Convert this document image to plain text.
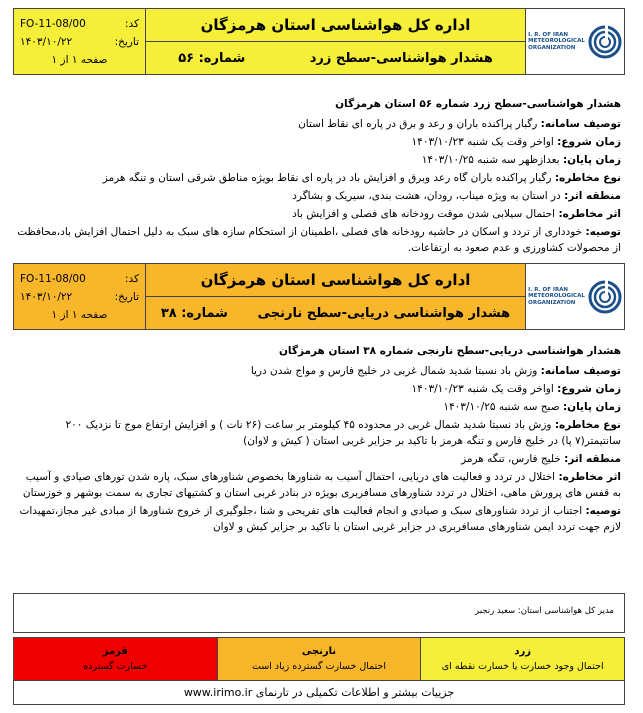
کد:
FO-11-08/00
تاریخ:
۱۴۰۳/۱۰/۲۲
صفحه ۱ از ۱
اداره کل هواشناسی استان هرمزگان
هشدار هواشناسی-سطح زرد
شماره: ۵۶
I. R. OF IRAN
METEOROLOGICAL
ORGANIZATION
هشدار هواشناسی-سطح زرد شماره ۵۶ استان هرمزگان

توصیف سامانه: رگبار پراکنده باران و رعد و برق در پاره ای نقاط استان

زمان شروع: اواخر وقت یک شنبه ۱۴۰۳/۱۰/۲۳

زمان پایان: بعدازظهر سه شنبه ۱۴۰۳/۱۰/۲۵

نوع مخاطره: رگبار پراکنده باران گاه رعد وبرق و افزایش باد در پاره ای نقاط بویژه مناطق شرقی استان و تنگه هرمز

منطقه اثر: در استان به ویژه میناب، رودان، هشت بندی، سیریک و بشاگرد

اثر مخاطره: احتمال سیلابی شدن موقت رودخانه های فصلی و افزایش باد

توصیه: خودداری از تردد و اسکان در حاشیه رودخانه های فصلی ،اطمینان از استحکام سازه های سبک به دلیل احتمال افزایش باد،محافظت از محصولات کشاورزی و عدم صعود به ارتفاعات.

کد:
FO-11-08/00
تاریخ:
۱۴۰۳/۱۰/۲۲
صفحه ۱ از ۱
اداره کل هواشناسی استان هرمزگان
هشدار هواشناسی دریایی-سطح نارنجی
شماره: ۳۸
I. R. OF IRAN
METEOROLOGICAL
ORGANIZATION
هشدار هواشناسی دریایی-سطح نارنجی شماره ۳۸ استان هرمزگان

توصیف سامانه: وزش باد نسبتا شدید شمال غربی در خلیج فارس و مواج شدن دریا

زمان شروع: اواخر وقت یک شنبه ۱۴۰۳/۱۰/۲۳

زمان پایان: صبح سه شنبه ۱۴۰۳/۱۰/۲۵

نوع مخاطره: وزش باد نسبتا شدید شمال غربی در محدوده ۴۵ کیلومتر بر ساعت (۲۶ نات ) و افزایش ارتفاع موج تا نزدیک ۲۰۰ سانتیمتر(۷ پا) در خلیج فارس و تنگه هرمز با تاکید بر جزایر غربی استان ( کیش و لاوان)

منطقه اثر: خلیج فارس، تنگه هرمز

اثر مخاطره: اختلال در تردد و فعالیت های دریایی، احتمال آسیب به شناورها بخصوص شناورهای سبک، پاره شدن تورهای صیادی و آسیب به قفس های پرورش ماهی، اختلال در تردد شناورهای مسافربری بویژه در بنادر غربی استان و کشتیهای تجاری به سمت بوشهر و خوزستان

توصیه: اجتناب از تردد شناورهای سبک و صیادی و انجام فعالیت های تفریحی و شنا ،جلوگیری از خروج شناورها از مبادی غیر مجاز،تمهیدات لازم جهت تردد ایمن شناورهای مسافربری در جزایر غربی استان با تاکید بر جزایر کیش و لاوان

مدیر کل هواشناسی استان: سعید رنجبر
زرد
احتمال وجود خسارت یا خسارت نقطه ای
نارنجی
احتمال خسارت گسترده زیاد است
قرمز
خسارت گسترده
جزییات بیشتر و اطلاعات تکمیلی در تارنمای www.irimo.ir
